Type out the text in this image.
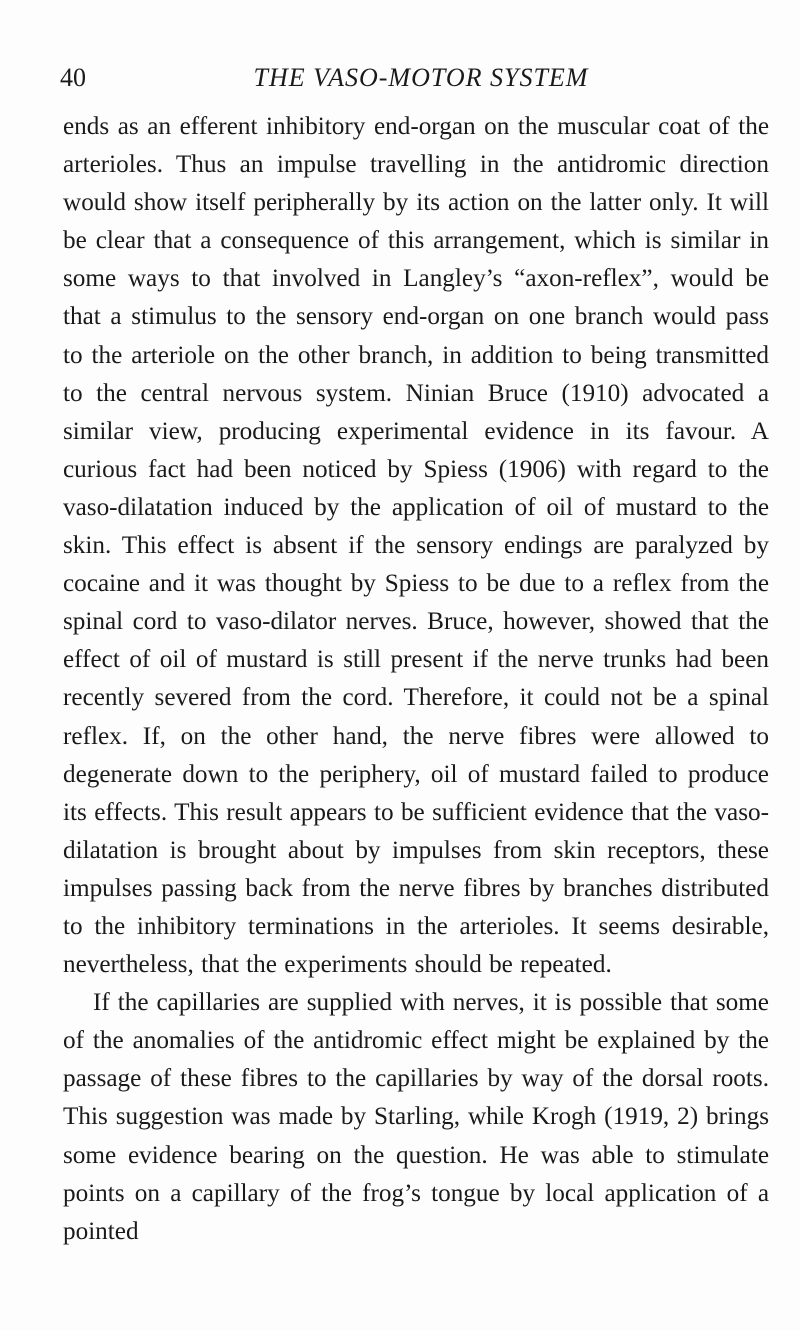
40	THE VASO-MOTOR SYSTEM

ends as an efferent inhibitory end-organ on the muscular coat of the arterioles. Thus an impulse travelling in the antidromic direction would show itself peripherally by its action on the latter only. It will be clear that a consequence of this arrangement, which is similar in some ways to that involved in Langley’s “axon-reflex”, would be that a stimulus to the sensory end-organ on one branch would pass to the arteriole on the other branch, in addition to being transmitted to the central nervous system. Ninian Bruce (1910) advocated a similar view, producing experimental evidence in its favour. A curious fact had been noticed by Spiess (1906) with regard to the vaso-dilatation induced by the application of oil of mustard to the skin. This effect is absent if the sensory endings are paralyzed by cocaine and it was thought by Spiess to be due to a reflex from the spinal cord to vaso-dilator nerves. Bruce, however, showed that the effect of oil of mustard is still present if the nerve trunks had been recently severed from the cord. Therefore, it could not be a spinal reflex. If, on the other hand, the nerve fibres were allowed to degenerate down to the periphery, oil of mustard failed to produce its effects. This result appears to be sufficient evidence that the vaso-dilatation is brought about by impulses from skin receptors, these impulses passing back from the nerve fibres by branches distributed to the inhibitory terminations in the arterioles. It seems desirable, nevertheless, that the experiments should be repeated.

If the capillaries are supplied with nerves, it is possible that some of the anomalies of the antidromic effect might be explained by the passage of these fibres to the capillaries by way of the dorsal roots. This suggestion was made by Starling, while Krogh (1919, 2) brings some evidence bearing on the question. He was able to stimulate points on a capillary of the frog’s tongue by local application of a pointed
